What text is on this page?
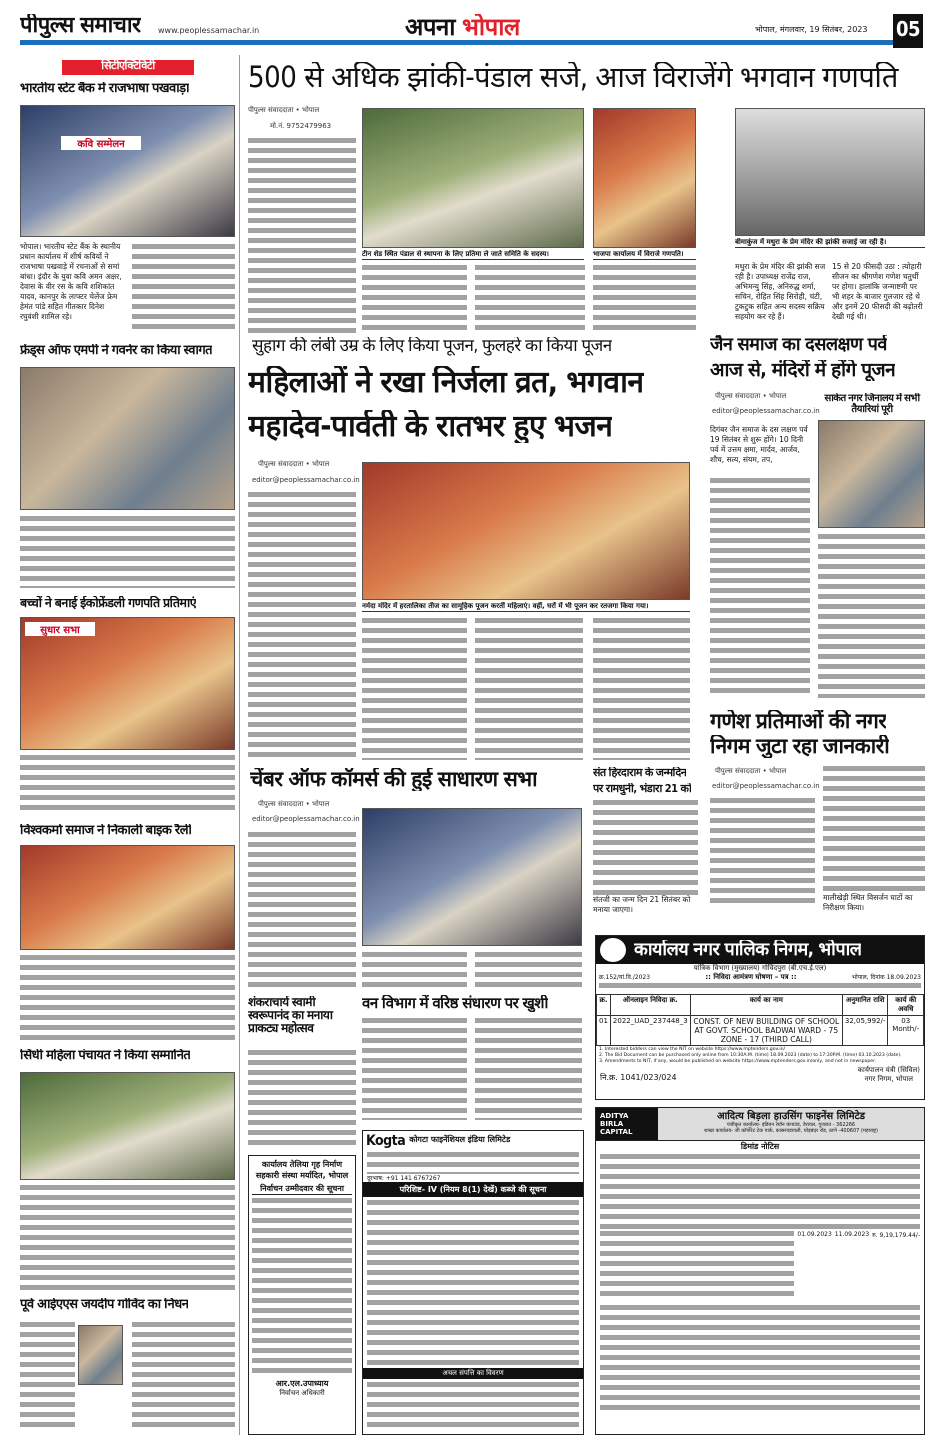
पीपुल्स समाचार www.peoplessamachar.in	अपना भोपाल	भोपाल, मंगलवार, 19 सितंबर, 2023 05
सिटीएक्टिविटी
भारतीय स्टेट बैंक में राजभाषा पखवाड़ा
कवि सम्मेलन
भोपाल। भारतीय स्टेट बैंक के स्थानीय प्रधान कार्यालय में शीर्ष कवियों ने राजभाषा पखवाड़े में रचनाओं से समां बांधा। इंदौर के युवा कवि अमन अक्षर, देवास के वीर रस के कवि शशिकांत यादव, कानपुर के लाफ्टर चेलेंज फ्रेम हेमंत पांडे सहित गीतकार दिनेश रघुवंशी शामिल रहे।
फ्रेंड्स ऑफ एमपी ने गवर्नर का किया स्वागत
बच्चों ने बनाई ईकोफ्रेंडली गणपति प्रतिमाएं
सुधार सभा
विश्वकर्मा समाज ने निकाली बाइक रैली
सिंधी महिला पंचायत ने किया सम्मानित
पूर्व आईएएस जयदीप गोविंद का निधन
500 से अधिक झांकी-पंडाल सजे, आज विराजेंगे भगवान गणपति
पीपुल्स संवाददाता • भोपाल
मो.नं. 9752479963
टीन शेड स्थित पंडाल से स्थापना के लिए प्रतिमा ले जाते समिति के सदस्य।	भाजपा कार्यालय में विराजे गणपति।
बीमाकुंज में मथुरा के प्रेम मंदिर की झांकी सजाई जा रही है।
मथुरा के प्रेम मंदिर की झांकी सज रही है। उपाध्यक्ष राजेंद्र राज, अभिमन्यु सिंह, अनिरुद्ध शर्मा, सचिन, रोहित सिंह सिरोही, चंटी, टुकटुक सहित अन्य सदस्य सक्रिय सहयोग कर रहे हैं।
15 से 20 फीसदी उठा : त्योहारी सीजन का श्रीगणेश गणेश चतुर्थी पर होगा। हालांकि जन्माष्टमी पर भी शहर के बाजार गुलजार रहे थे और इनमें 20 फीसदी की बढ़ोतरी देखी गई थी।
सुहाग की लंबी उम्र के लिए किया पूजन, फुलहरे का किया पूजन
महिलाओं ने रखा निर्जला व्रत, भगवान
महादेव-पार्वती के रातभर हुए भजन
पीपुल्स संवाददाता • भोपाल
editor@peoplessamachar.co.in
नर्मदा मंदिर में हरतालिका तीज का सामूहिक पूजन करतीं महिलाएं। वहीं, घरों में भी पूजन कर रतजगा किया गया।
जैन समाज का दसलक्षण पर्व
आज से, मंदिरों में होंगे पूजन
पीपुल्स संवाददाता • भोपाल
editor@peoplessamachar.co.in
साकेत नगर जिनालय में सभी तैयारियां पूरी
दिगंबर जैन समाज के दस लक्षण पर्व 19 सितंबर से शुरू होंगे। 10 दिनी पर्व में उत्तम क्षमा, मार्दव, आर्जव, शौच, सत्य, संयम, तप,
गणेश प्रतिमाओं की नगर
निगम जुटा रहा जानकारी
पीपुल्स संवाददाता • भोपाल
editor@peoplessamachar.co.in
मालीखेड़ी स्थित विसर्जन घाटों का निरीक्षण किया।
चेंबर ऑफ कॉमर्स की हुई साधारण सभा
पीपुल्स संवाददाता • भोपाल
editor@peoplessamachar.co.in
संत हिरदाराम के जन्मदिन
पर रामधुनी, भंडारा 21 को
संतजी का जन्म दिन 21 सितंबर को मनाया जाएगा।
शंकराचार्य स्वामी स्वरूपानंद का मनाया प्राकट्य महोत्सव
वन विभाग में वरिष्ठ संधारण पर खुशी
कार्यालय तेलिया गृह निर्माण सहकारी संस्था मर्यादित, भोपाल
निर्वाचन उम्मीदवार की सूचना
आर.एल.उपाध्याय
निर्वाचन अधिकारी
कार्यालय नगर पालिक निगम, भोपाल
यांत्रिक विभाग (मुख्यालय) गोविंदपुरा (बी.एच.ई.एल)
क्र.152/यां.वि./2023	:: निविदा आमंत्रण घोषणा – पत्र ::	भोपाल, दिनांक 18.09.2023
क्र.	ऑनलाइन निविदा क्र.	कार्य का नाम	अनुमानित राशि	कार्य की अवधि
01	2022_UAD_237448_3	CONST. OF NEW BUILDING OF SCHOOL AT GOVT. SCHOOL BADWAI WARD - 75 ZONE - 17 (THIRD CALL)	32,05,992/-	03 Month/-
1. Interested bidders can view the NIT on website https://www.mptenders.gov.in/
2. The Bid Document can be purchased only online from 10:30A.M. (time) 18.09.2023 (date) to 17:30P.M. (time) 03.10.2023 (date).
3. Amendments to NIT, if any, would be published on website https://www.mptenders.gov.in/only, and not in newspaper.
नि.क्र. 1041/023/024
कार्यपालन यंत्री (सिविल)
नगर निगम, भोपाल
Kogta कोगटा फाइनेंशियल इंडिया लिमिटेड
दूरभाष: +91 141 6767267
परिशिष्ट- IV (नियम 8(1) देखें) कब्जे की सूचना
अचल संपत्ति का विवरण
ADITYA BIRLA CAPITAL
आदित्य बिड़ला हाउसिंग फाइनेंस लिमिटेड
पंजीकृत कार्यालय- इंडियन रेयॉन कंपाउंड, वेरावल, गुजरात - 362266
शाखा कार्यालय- जी कॉर्पोरेट टेक पार्क, कासरवडावली, घोड़बंदर रोड, ठाणे -400607 (महाराष्ट्र)
डिमांड नोटिस
01.09.2023 11.09.2023 रु. 9,19,179.44/-
